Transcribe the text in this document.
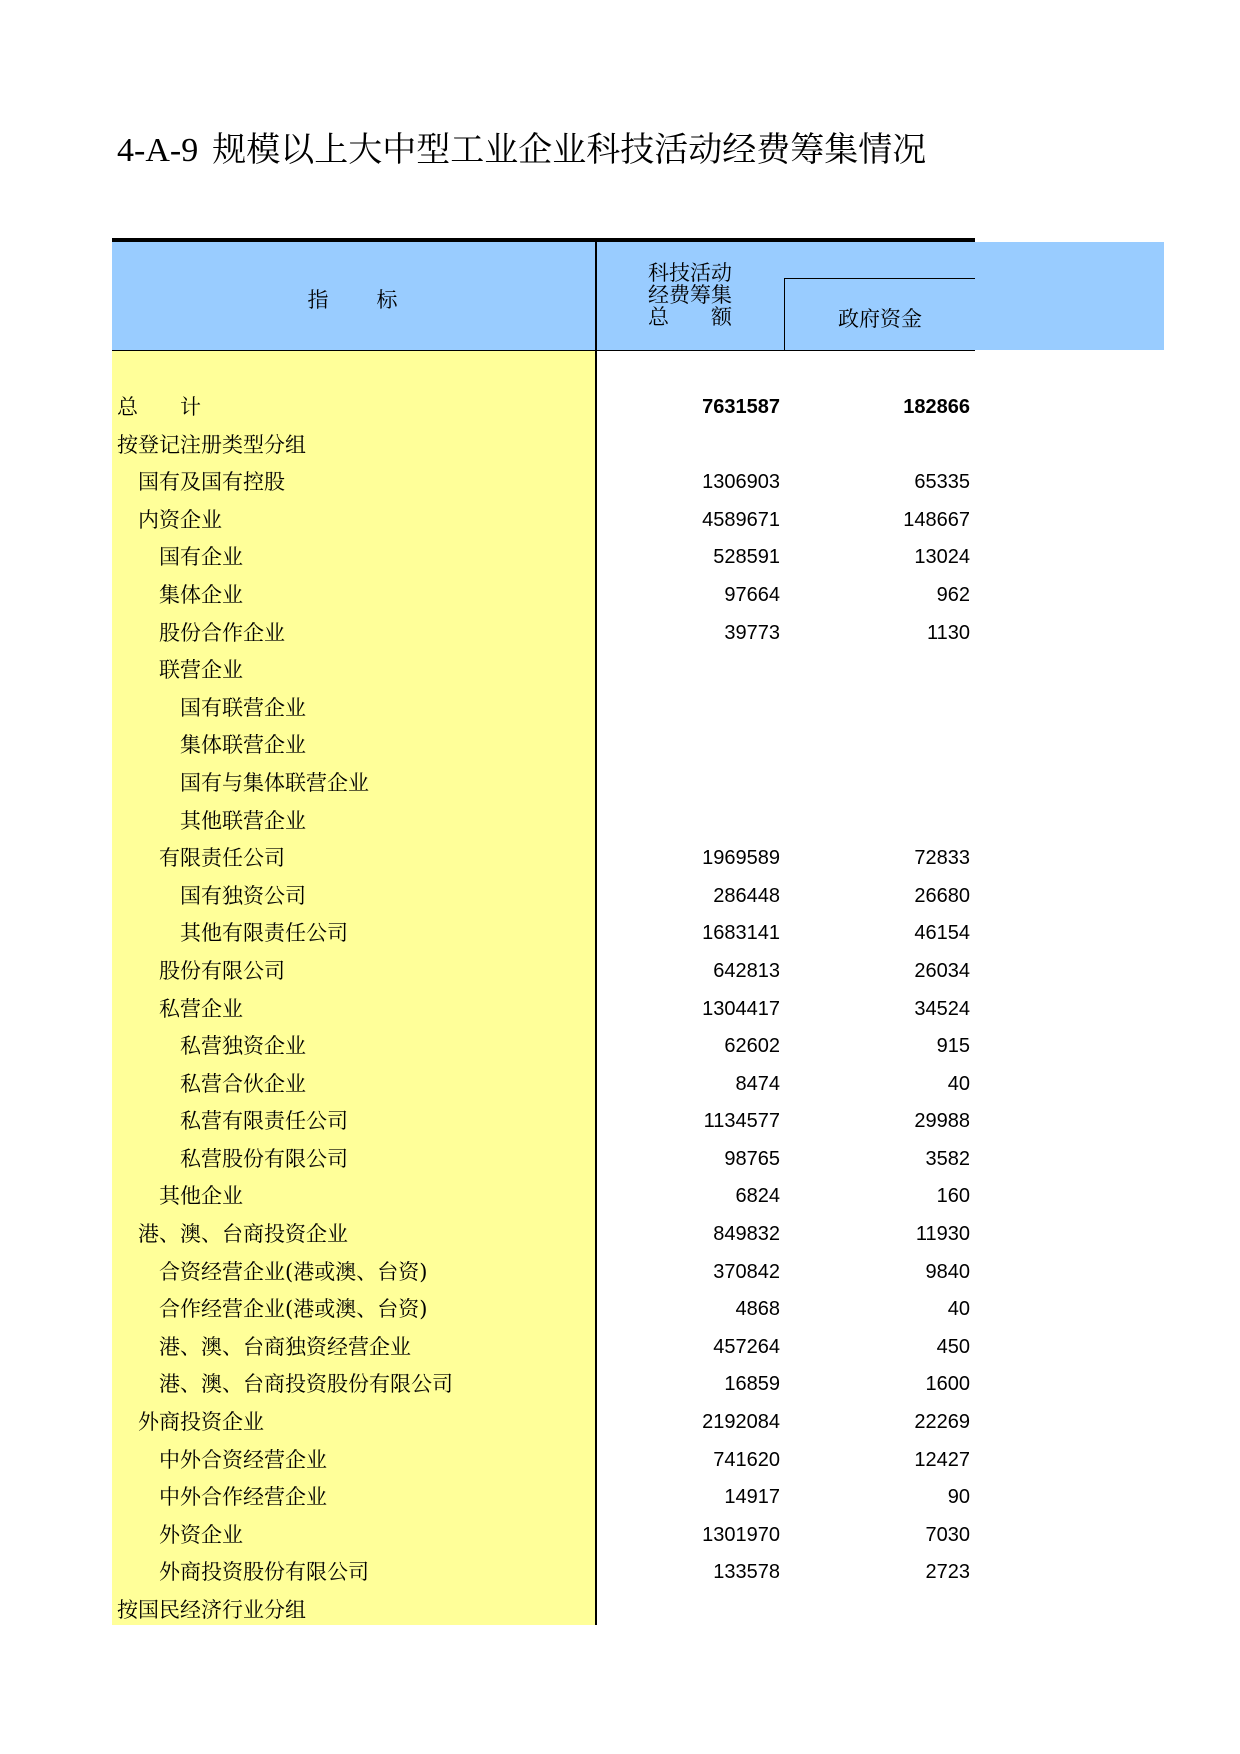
4-A-9 规模以上大中型工业企业科技活动经费筹集情况
指　　标
科技活动
经费筹集
总　　额	政府资金
总　　计	7631587	182866
按登记注册类型分组
国有及国有控股	1306903	65335
内资企业	4589671	148667
国有企业	528591	13024
集体企业	97664	962
股份合作企业	39773	1130
联营企业
国有联营企业
集体联营企业
国有与集体联营企业
其他联营企业
有限责任公司	1969589	72833
国有独资公司	286448	26680
其他有限责任公司	1683141	46154
股份有限公司	642813	26034
私营企业	1304417	34524
私营独资企业	62602	915
私营合伙企业	8474	40
私营有限责任公司	1134577	29988
私营股份有限公司	98765	3582
其他企业	6824	160
港、澳、台商投资企业	849832	11930
合资经营企业(港或澳、台资)	370842	9840
合作经营企业(港或澳、台资)	4868	40
港、澳、台商独资经营企业	457264	450
港、澳、台商投资股份有限公司	16859	1600
外商投资企业	2192084	22269
中外合资经营企业	741620	12427
中外合作经营企业	14917	90
外资企业	1301970	7030
外商投资股份有限公司	133578	2723
按国民经济行业分组
